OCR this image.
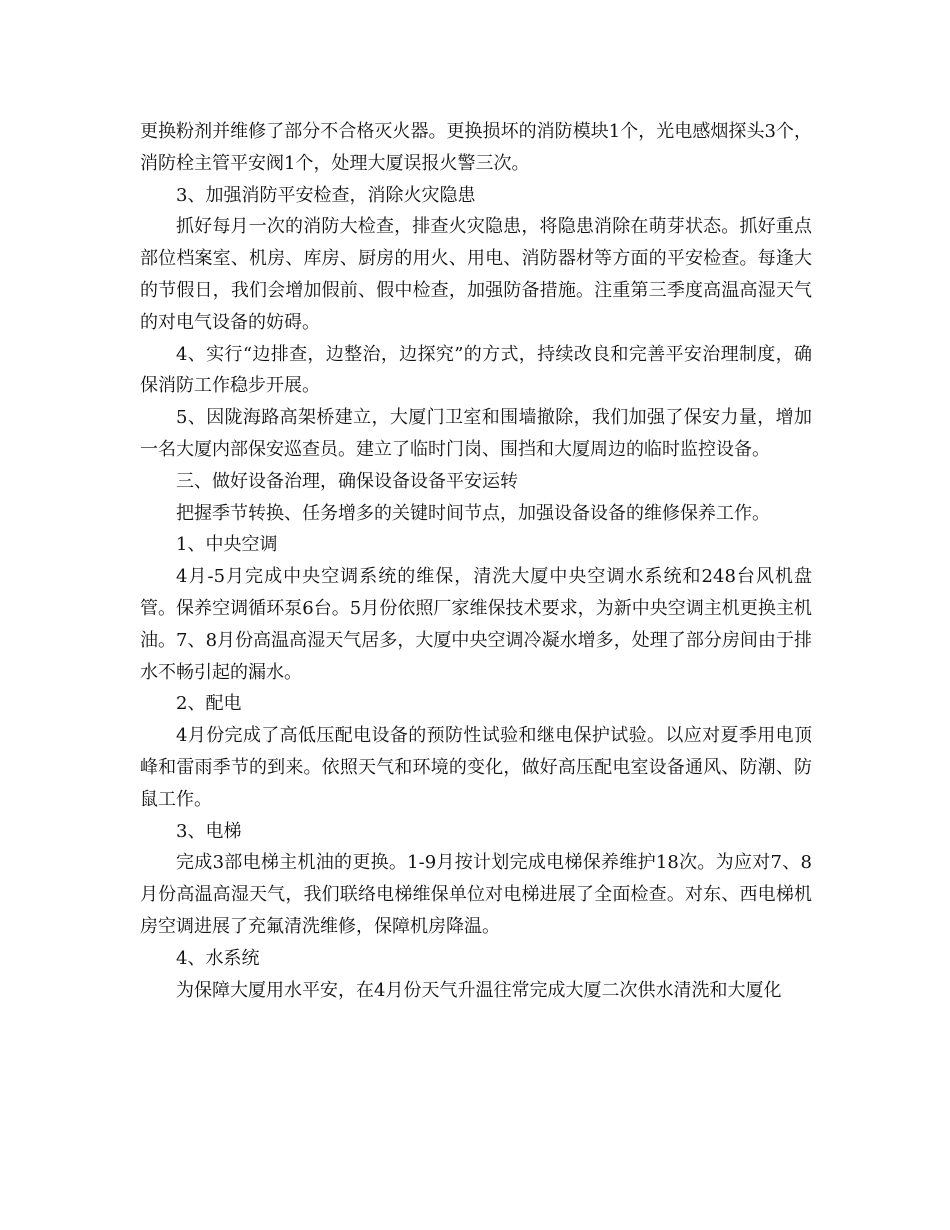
更换粉剂并维修了部分不合格灭火器。更换损坏的消防模块1个，光电感烟探头3个，消防栓主管平安阀1个，处理大厦误报火警三次。

3、加强消防平安检查，消除火灾隐患

抓好每月一次的消防大检查，排查火灾隐患，将隐患消除在萌芽状态。抓好重点部位档案室、机房、库房、厨房的用火、用电、消防器材等方面的平安检查。每逢大的节假日，我们会增加假前、假中检查，加强防备措施。注重第三季度高温高湿天气的对电气设备的妨碍。

4、实行“边排查，边整治，边探究”的方式，持续改良和完善平安治理制度，确保消防工作稳步开展。

5、因陇海路高架桥建立，大厦门卫室和围墙撤除，我们加强了保安力量，增加一名大厦内部保安巡查员。建立了临时门岗、围挡和大厦周边的临时监控设备。

三、做好设备治理，确保设备设备平安运转

把握季节转换、任务增多的关键时间节点，加强设备设备的维修保养工作。

1、中央空调

4月-5月完成中央空调系统的维保，清洗大厦中央空调水系统和248台风机盘管。保养空调循环泵6台。5月份依照厂家维保技术要求，为新中央空调主机更换主机油。7、8月份高温高湿天气居多，大厦中央空调冷凝水增多，处理了部分房间由于排水不畅引起的漏水。

2、配电

4月份完成了高低压配电设备的预防性试验和继电保护试验。以应对夏季用电顶峰和雷雨季节的到来。依照天气和环境的变化，做好高压配电室设备通风、防潮、防鼠工作。

3、电梯

完成3部电梯主机油的更换。1-9月按计划完成电梯保养维护18次。为应对7、8月份高温高湿天气，我们联络电梯维保单位对电梯进展了全面检查。对东、西电梯机房空调进展了充氟清洗维修，保障机房降温。

4、水系统

为保障大厦用水平安，在4月份天气升温往常完成大厦二次供水清洗和大厦化
